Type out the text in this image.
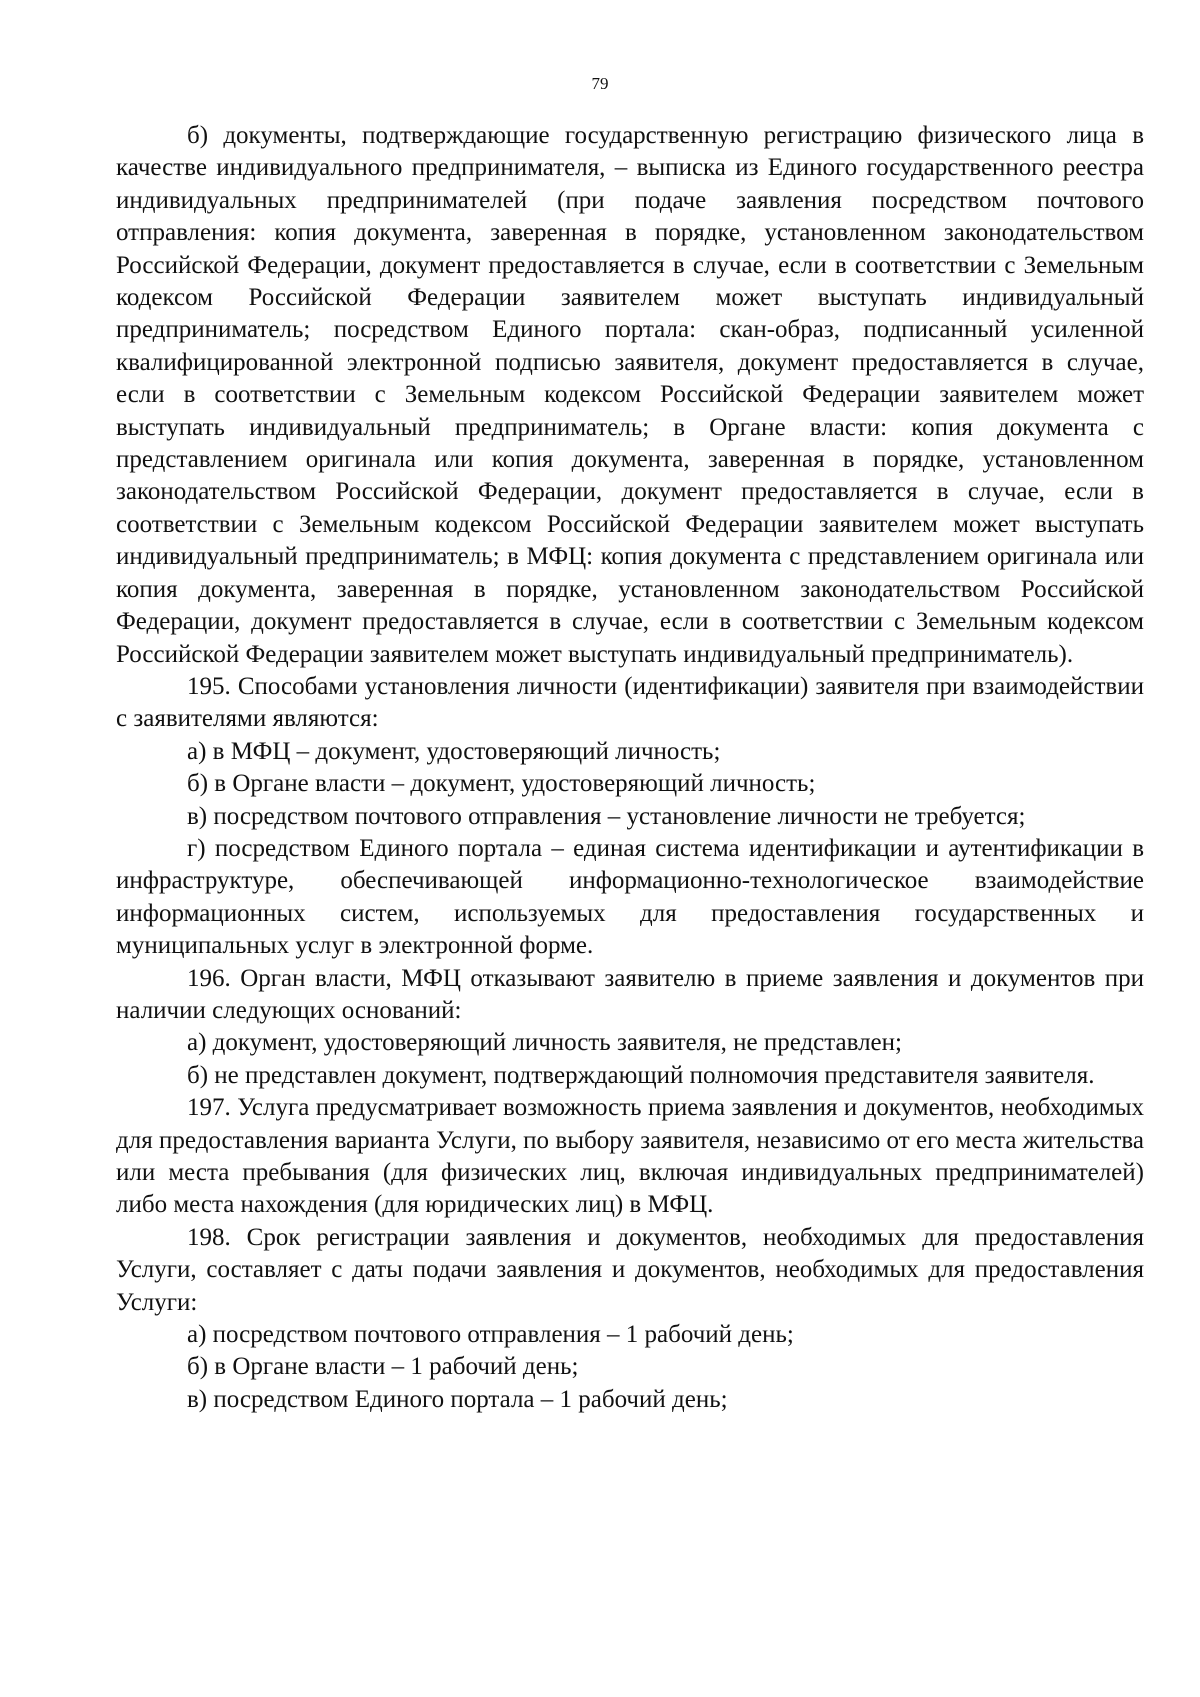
79

б) документы, подтверждающие государственную регистрацию физического лица в качестве индивидуального предпринимателя, – выписка из Единого государственного реестра индивидуальных предпринимателей (при подаче заявления посредством почтового отправления: копия документа, заверенная в порядке, установленном законодательством Российской Федерации, документ предоставляется в случае, если в соответствии с Земельным кодексом Российской Федерации заявителем может выступать индивидуальный предприниматель; посредством Единого портала: скан-образ, подписанный усиленной квалифицированной электронной подписью заявителя, документ предоставляется в случае, если в соответствии с Земельным кодексом Российской Федерации заявителем может выступать индивидуальный предприниматель; в Органе власти: копия документа с представлением оригинала или копия документа, заверенная в порядке, установленном законодательством Российской Федерации, документ предоставляется в случае, если в соответствии с Земельным кодексом Российской Федерации заявителем может выступать индивидуальный предприниматель; в МФЦ: копия документа с представлением оригинала или копия документа, заверенная в порядке, установленном законодательством Российской Федерации, документ предоставляется в случае, если в соответствии с Земельным кодексом Российской Федерации заявителем может выступать индивидуальный предприниматель).

195. Способами установления личности (идентификации) заявителя при взаимодействии с заявителями являются:

а) в МФЦ – документ, удостоверяющий личность;

б) в Органе власти – документ, удостоверяющий личность;

в) посредством почтового отправления – установление личности не требуется;

г) посредством Единого портала – единая система идентификации и аутентификации в инфраструктуре, обеспечивающей информационно-технологическое взаимодействие информационных систем, используемых для предоставления государственных и муниципальных услуг в электронной форме.

196. Орган власти, МФЦ отказывают заявителю в приеме заявления и документов при наличии следующих оснований:

а) документ, удостоверяющий личность заявителя, не представлен;

б) не представлен документ, подтверждающий полномочия представителя заявителя.

197. Услуга предусматривает возможность приема заявления и документов, необходимых для предоставления варианта Услуги, по выбору заявителя, независимо от его места жительства или места пребывания (для физических лиц, включая индивидуальных предпринимателей) либо места нахождения (для юридических лиц) в МФЦ.

198. Срок регистрации заявления и документов, необходимых для предоставления Услуги, составляет с даты подачи заявления и документов, необходимых для предоставления Услуги:

а) посредством почтового отправления – 1 рабочий день;

б) в Органе власти – 1 рабочий день;

в) посредством Единого портала – 1 рабочий день;
